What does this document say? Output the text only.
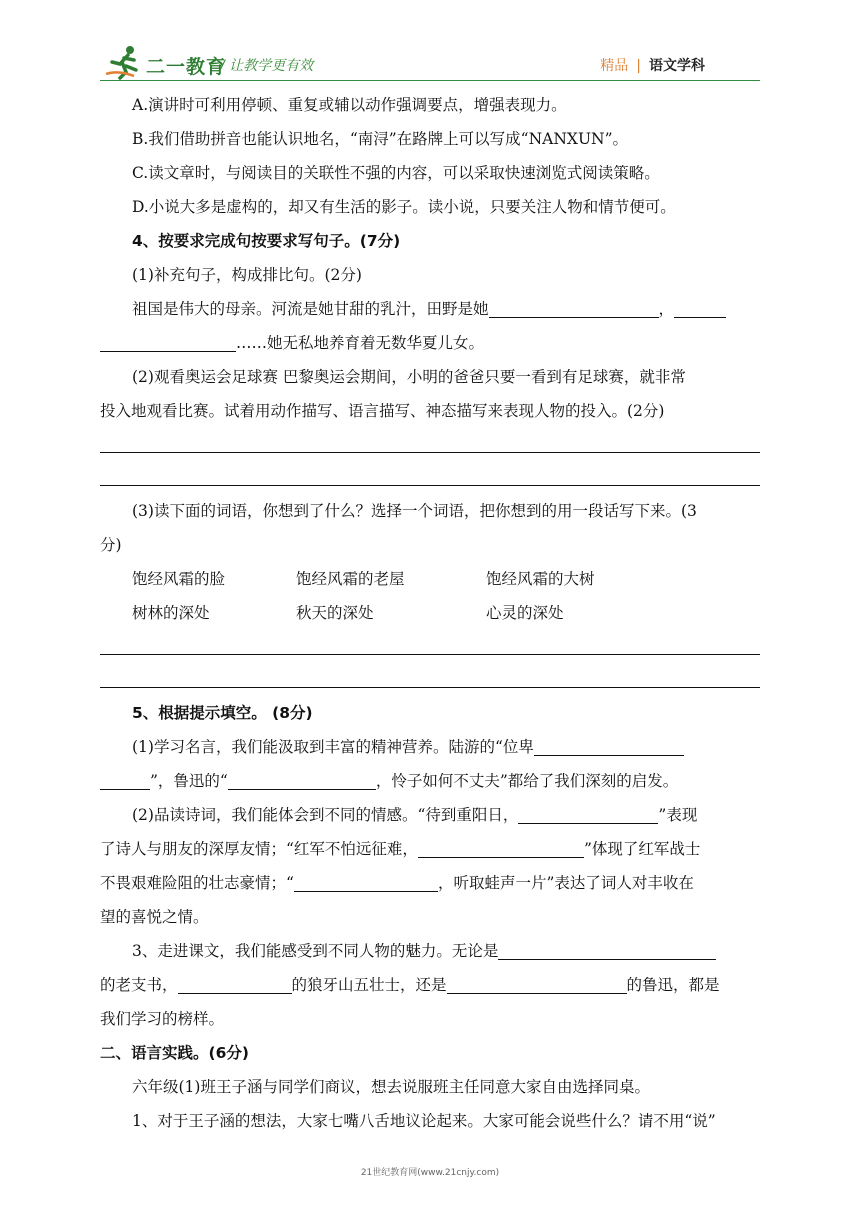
二一教育
/ 让教学更有效	精品 | 语文学科

A.演讲时可利用停顿、重复或辅以动作强调要点，增强表现力。

B.我们借助拼音也能认识地名，“南浔”在路牌上可以写成“NANXUN”。

C.读文章时，与阅读目的关联性不强的内容，可以采取快速浏览式阅读策略。

D.小说大多是虚构的，却又有生活的影子。读小说，只要关注人物和情节便可。

4、按要求完成句按要求写句子。(7分)

(1)补充句子，构成排比句。(2分)

祖国是伟大的母亲。河流是她甘甜的乳汁，田野是她	，

……她无私地养育着无数华夏儿女。

(2)观看奥运会足球赛 巴黎奥运会期间，小明的爸爸只要一看到有足球赛，就非常

投入地观看比赛。试着用动作描写、语言描写、神态描写来表现人物的投入。(2分)

(3)读下面的词语，你想到了什么？选择一个词语，把你想到的用一段话写下来。(3

分)

饱经风霜的脸	饱经风霜的老屋	饱经风霜的大树
树林的深处	秋天的深处	心灵的深处

5、根据提示填空。 (8分)

(1)学习名言，我们能汲取到丰富的精神营养。陆游的“位卑

”，鲁迅的“	，怜子如何不丈夫”都给了我们深刻的启发。

(2)品读诗词，我们能体会到不同的情感。“待到重阳日，	”表现

了诗人与朋友的深厚友情；“红军不怕远征难，	”体现了红军战士

不畏艰难险阻的壮志豪情；“	，听取蛙声一片”表达了词人对丰收在

望的喜悦之情。

3、走进课文，我们能感受到不同人物的魅力。无论是

的老支书，	的狼牙山五壮士，还是	的鲁迅，都是

我们学习的榜样。

二、语言实践。(6分)

六年级(1)班王子涵与同学们商议，想去说服班主任同意大家自由选择同桌。

1、对于王子涵的想法，大家七嘴八舌地议论起来。大家可能会说些什么？请不用“说”

21世纪教育网(www.21cnjy.com)
